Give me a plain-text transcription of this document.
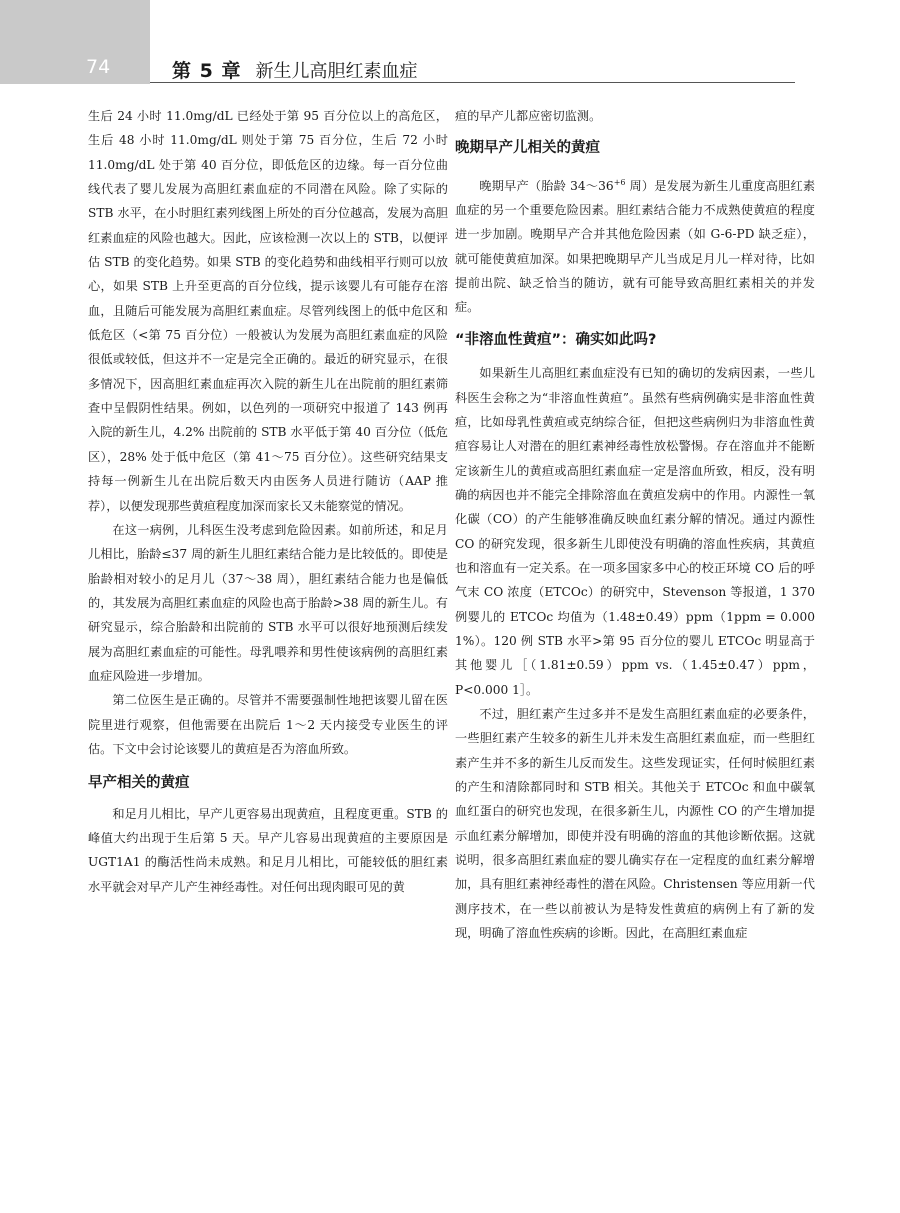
74	第 5 章 新生儿高胆红素血症

生后 24 小时 11.0mg/dL 已经处于第 95 百分位以上的高危区，生后 48 小时 11.0mg/dL 则处于第 75 百分位，生后 72 小时 11.0mg/dL 处于第 40 百分位，即低危区的边缘。每一百分位曲线代表了婴儿发展为高胆红素血症的不同潜在风险。除了实际的 STB 水平，在小时胆红素列线图上所处的百分位越高，发展为高胆红素血症的风险也越大。因此，应该检测一次以上的 STB，以便评估 STB 的变化趋势。如果 STB 的变化趋势和曲线相平行则可以放心，如果 STB 上升至更高的百分位线，提示该婴儿有可能存在溶血，且随后可能发展为高胆红素血症。尽管列线图上的低中危区和低危区（<第 75 百分位）一般被认为发展为高胆红素血症的风险很低或较低，但这并不一定是完全正确的。最近的研究显示，在很多情况下，因高胆红素血症再次入院的新生儿在出院前的胆红素筛查中呈假阴性结果。例如，以色列的一项研究中报道了 143 例再入院的新生儿，4.2% 出院前的 STB 水平低于第 40 百分位（低危区），28% 处于低中危区（第 41～75 百分位）。这些研究结果支持每一例新生儿在出院后数天内由医务人员进行随访（AAP 推荐），以便发现那些黄疸程度加深而家长又未能察觉的情况。

在这一病例，儿科医生没考虑到危险因素。如前所述，和足月儿相比，胎龄≤37 周的新生儿胆红素结合能力是比较低的。即使是胎龄相对较小的足月儿（37～38 周），胆红素结合能力也是偏低的，其发展为高胆红素血症的风险也高于胎龄>38 周的新生儿。有研究显示，综合胎龄和出院前的 STB 水平可以很好地预测后续发展为高胆红素血症的可能性。母乳喂养和男性使该病例的高胆红素血症风险进一步增加。

第二位医生是正确的。尽管并不需要强制性地把该婴儿留在医院里进行观察，但他需要在出院后 1～2 天内接受专业医生的评估。下文中会讨论该婴儿的黄疸是否为溶血所致。

早产相关的黄疸

和足月儿相比，早产儿更容易出现黄疸，且程度更重。STB 的峰值大约出现于生后第 5 天。早产儿容易出现黄疸的主要原因是 UGT1A1 的酶活性尚未成熟。和足月儿相比，可能较低的胆红素水平就会对早产儿产生神经毒性。对任何出现肉眼可见的黄

疸的早产儿都应密切监测。

晚期早产儿相关的黄疸

晚期早产（胎龄 $34\sim 36^{+6}$ 周）是发展为新生儿重度高胆红素血症的另一个重要危险因素。胆红素结合能力不成熟使黄疸的程度进一步加剧。晚期早产合并其他危险因素（如 G-6-PD 缺乏症），就可能使黄疸加深。如果把晚期早产儿当成足月儿一样对待，比如提前出院、缺乏恰当的随访，就有可能导致高胆红素相关的并发症。

“非溶血性黄疸”：确实如此吗?

如果新生儿高胆红素血症没有已知的确切的发病因素，一些儿科医生会称之为“非溶血性黄疸”。虽然有些病例确实是非溶血性黄疸，比如母乳性黄疸或克纳综合征，但把这些病例归为非溶血性黄疸容易让人对潜在的胆红素神经毒性放松警惕。存在溶血并不能断定该新生儿的黄疸或高胆红素血症一定是溶血所致，相反，没有明确的病因也并不能完全排除溶血在黄疸发病中的作用。内源性一氧化碳（CO）的产生能够准确反映血红素分解的情况。通过内源性 CO 的研究发现，很多新生儿即使没有明确的溶血性疾病，其黄疸也和溶血有一定关系。在一项多国家多中心的校正环境 CO 后的呼气末 CO 浓度（ETCOc）的研究中，Stevenson 等报道，1 370 例婴儿的 ETCOc 均值为（1.48±0.49）ppm（1ppm = 0.000 1%）。120 例 STB 水平>第 95 百分位的婴儿 ETCOc 明显高于其他婴儿［（1.81±0.59）ppm vs.（1.45±0.47）ppm，P<0.000 1］。

不过，胆红素产生过多并不是发生高胆红素血症的必要条件，一些胆红素产生较多的新生儿并未发生高胆红素血症，而一些胆红素产生并不多的新生儿反而发生。这些发现证实，任何时候胆红素的产生和清除都同时和 STB 相关。其他关于 ETCOc 和血中碳氧血红蛋白的研究也发现，在很多新生儿，内源性 CO 的产生增加提示血红素分解增加，即使并没有明确的溶血的其他诊断依据。这就说明，很多高胆红素血症的婴儿确实存在一定程度的血红素分解增加，具有胆红素神经毒性的潜在风险。Christensen 等应用新一代测序技术，在一些以前被认为是特发性黄疸的病例上有了新的发现，明确了溶血性疾病的诊断。因此，在高胆红素血症
